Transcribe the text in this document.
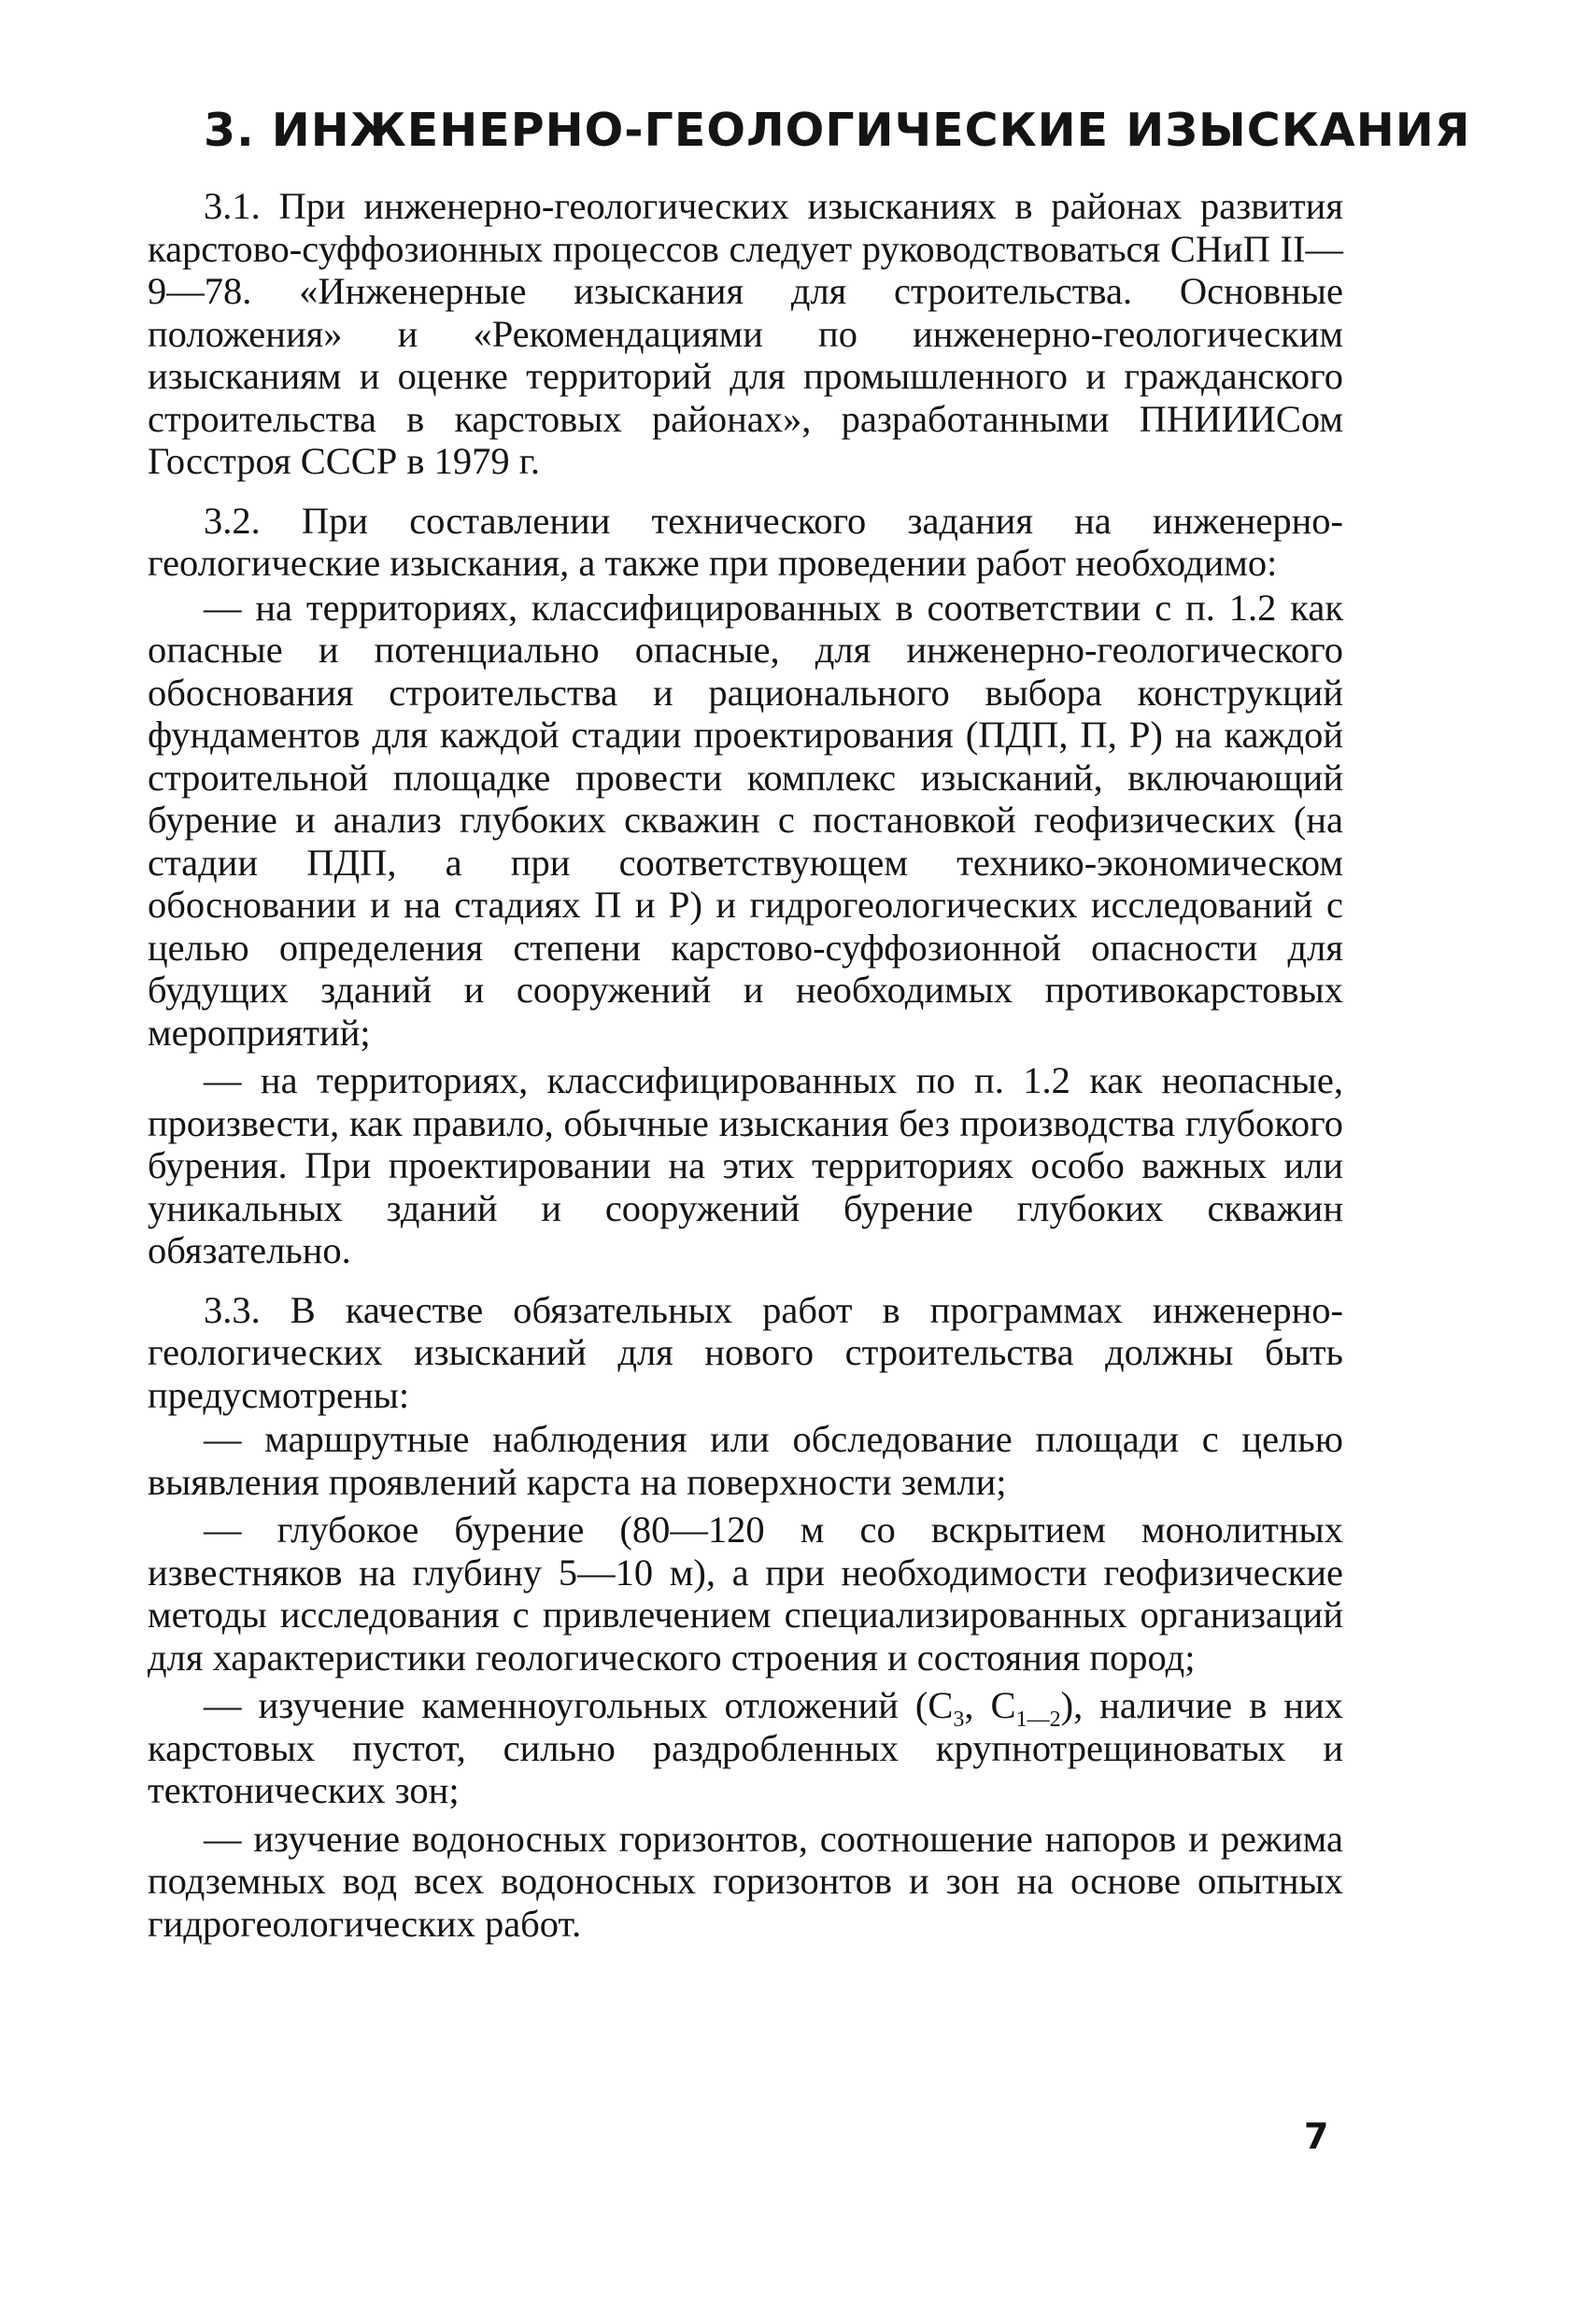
3. ИНЖЕНЕРНО-ГЕОЛОГИЧЕСКИЕ ИЗЫСКАНИЯ

3.1. При инженерно-геологических изысканиях в районах развития карстово-суффозионных процессов следует руководствоваться СНиП II—9—78. «Инженерные изыскания для строительства. Основные положения» и «Рекомендациями по инженерно-геологическим изысканиям и оценке территорий для промышленного и гражданского строительства в карстовых районах», разработанными ПНИИИСом Госстроя СССР в 1979 г.

3.2. При составлении технического задания на инженерно-геологические изыскания, а также при проведении работ необходимо:

— на территориях, классифицированных в соответствии с п. 1.2 как опасные и потенциально опасные, для инженерно-геологического обоснования строительства и рационального выбора конструкций фундаментов для каждой стадии проектирования (ПДП, П, Р) на каждой строительной площадке провести комплекс изысканий, включающий бурение и анализ глубоких скважин с постановкой геофизических (на стадии ПДП, а при соответствующем технико-экономическом обосновании и на стадиях П и Р) и гидрогеологических исследований с целью определения степени карстово-суффозионной опасности для будущих зданий и сооружений и необходимых противокарстовых мероприятий;

— на территориях, классифицированных по п. 1.2 как неопасные, произвести, как правило, обычные изыскания без производства глубокого бурения. При проектировании на этих территориях особо важных или уникальных зданий и сооружений бурение глубоких скважин обязательно.

3.3. В качестве обязательных работ в программах инженерно-геологических изысканий для нового строительства должны быть предусмотрены:

— маршрутные наблюдения или обследование площади с целью выявления проявлений карста на поверхности земли;

— глубокое бурение (80—120 м со вскрытием монолитных известняков на глубину 5—10 м), а при необходимости геофизические методы исследования с привлечением специализированных организаций для характеристики геологического строения и состояния пород;

— изучение каменноугольных отложений ($С_3$, $С_{1—2}$), наличие в них карстовых пустот, сильно раздробленных крупнотрещиноватых и тектонических зон;

— изучение водоносных горизонтов, соотношение напоров и режима подземных вод всех водоносных горизонтов и зон на основе опытных гидрогеологических работ.

7
